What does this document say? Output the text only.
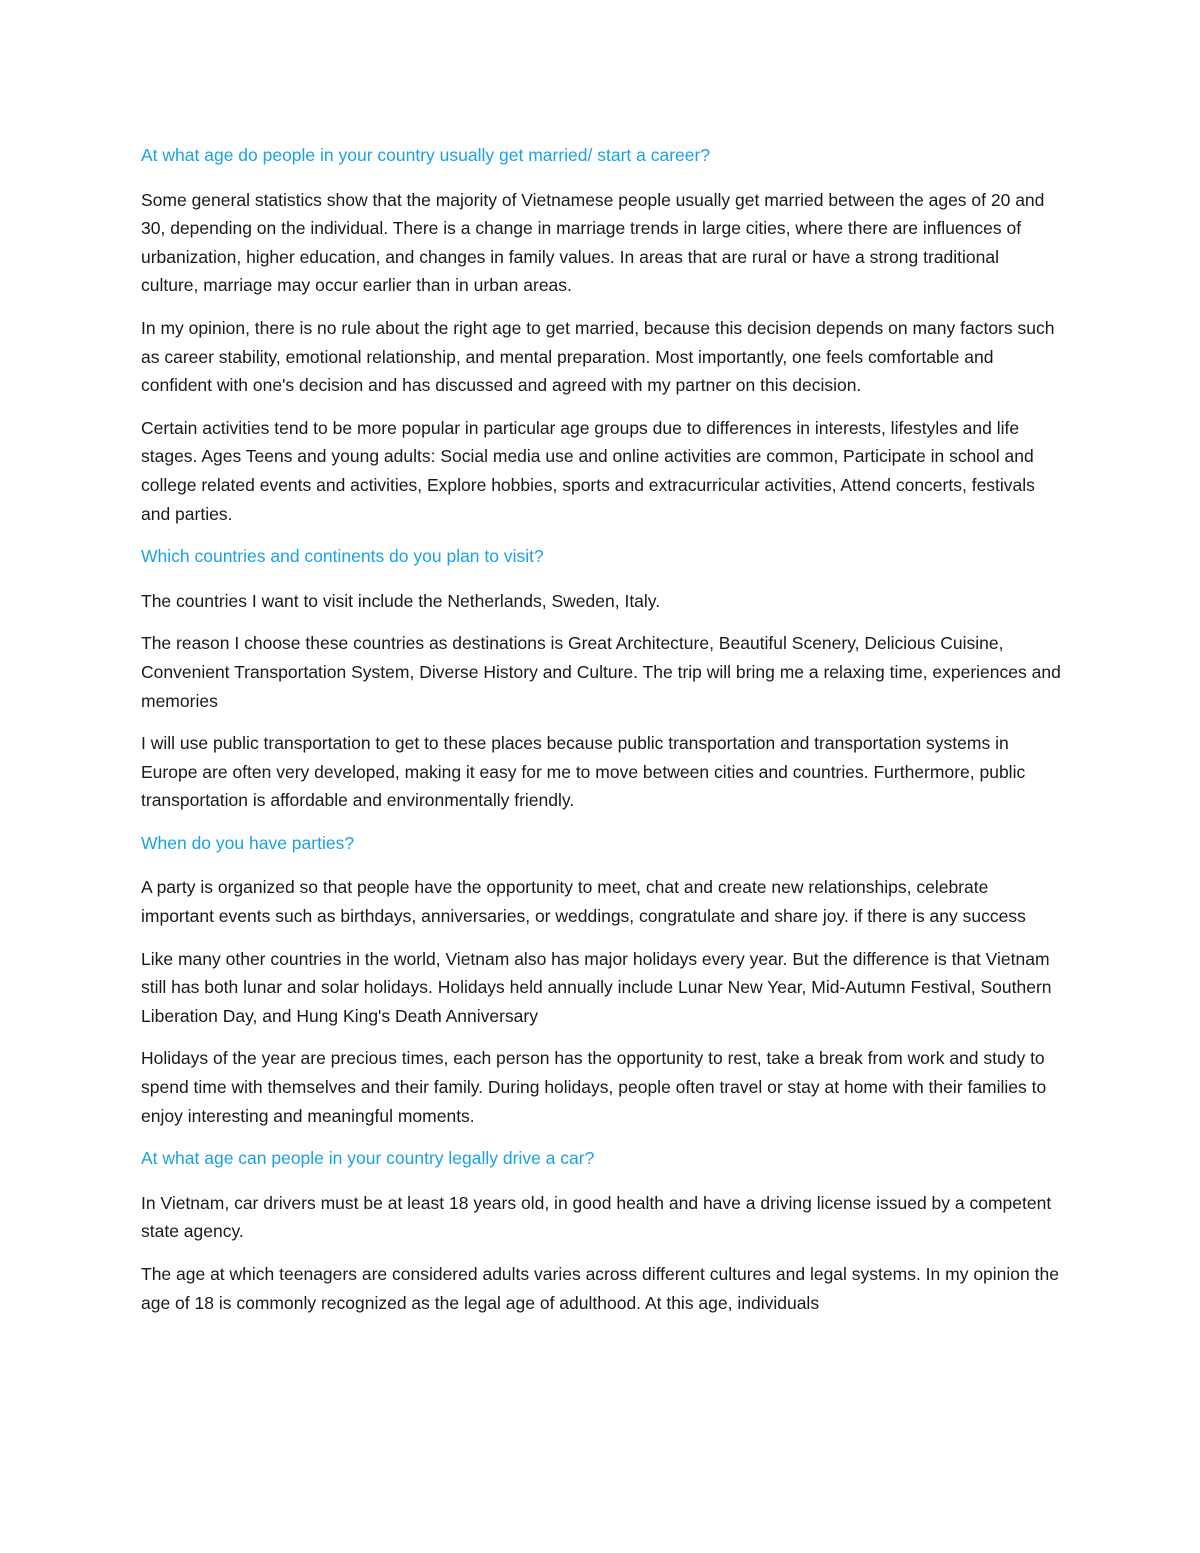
At what age do people in your country usually get married/ start a career?

Some general statistics show that the majority of Vietnamese people usually get married between the ages of 20 and 30, depending on the individual. There is a change in marriage trends in large cities, where there are influences of urbanization, higher education, and changes in family values. In areas that are rural or have a strong traditional culture, marriage may occur earlier than in urban areas.

In my opinion, there is no rule about the right age to get married, because this decision depends on many factors such as career stability, emotional relationship, and mental preparation. Most importantly, one feels comfortable and confident with one's decision and has discussed and agreed with my partner on this decision.

Certain activities tend to be more popular in particular age groups due to differences in interests, lifestyles and life stages. Ages Teens and young adults: Social media use and online activities are common, Participate in school and college related events and activities, Explore hobbies, sports and extracurricular activities, Attend concerts, festivals and parties.

Which countries and continents do you plan to visit?

The countries I want to visit include the Netherlands, Sweden, Italy.

The reason I choose these countries as destinations is Great Architecture, Beautiful Scenery, Delicious Cuisine, Convenient Transportation System, Diverse History and Culture. The trip will bring me a relaxing time, experiences and memories

I will use public transportation to get to these places because public transportation and transportation systems in Europe are often very developed, making it easy for me to move between cities and countries. Furthermore, public transportation is affordable and environmentally friendly.

When do you have parties?

A party is organized so that people have the opportunity to meet, chat and create new relationships, celebrate important events such as birthdays, anniversaries, or weddings, congratulate and share joy. if there is any success

Like many other countries in the world, Vietnam also has major holidays every year. But the difference is that Vietnam still has both lunar and solar holidays. Holidays held annually include Lunar New Year, Mid-Autumn Festival, Southern Liberation Day, and Hung King's Death Anniversary

Holidays of the year are precious times, each person has the opportunity to rest, take a break from work and study to spend time with themselves and their family. During holidays, people often travel or stay at home with their families to enjoy interesting and meaningful moments.

At what age can people in your country legally drive a car?

In Vietnam, car drivers must be at least 18 years old, in good health and have a driving license issued by a competent state agency.

The age at which teenagers are considered adults varies across different cultures and legal systems. In my opinion the age of 18 is commonly recognized as the legal age of adulthood. At this age, individuals
